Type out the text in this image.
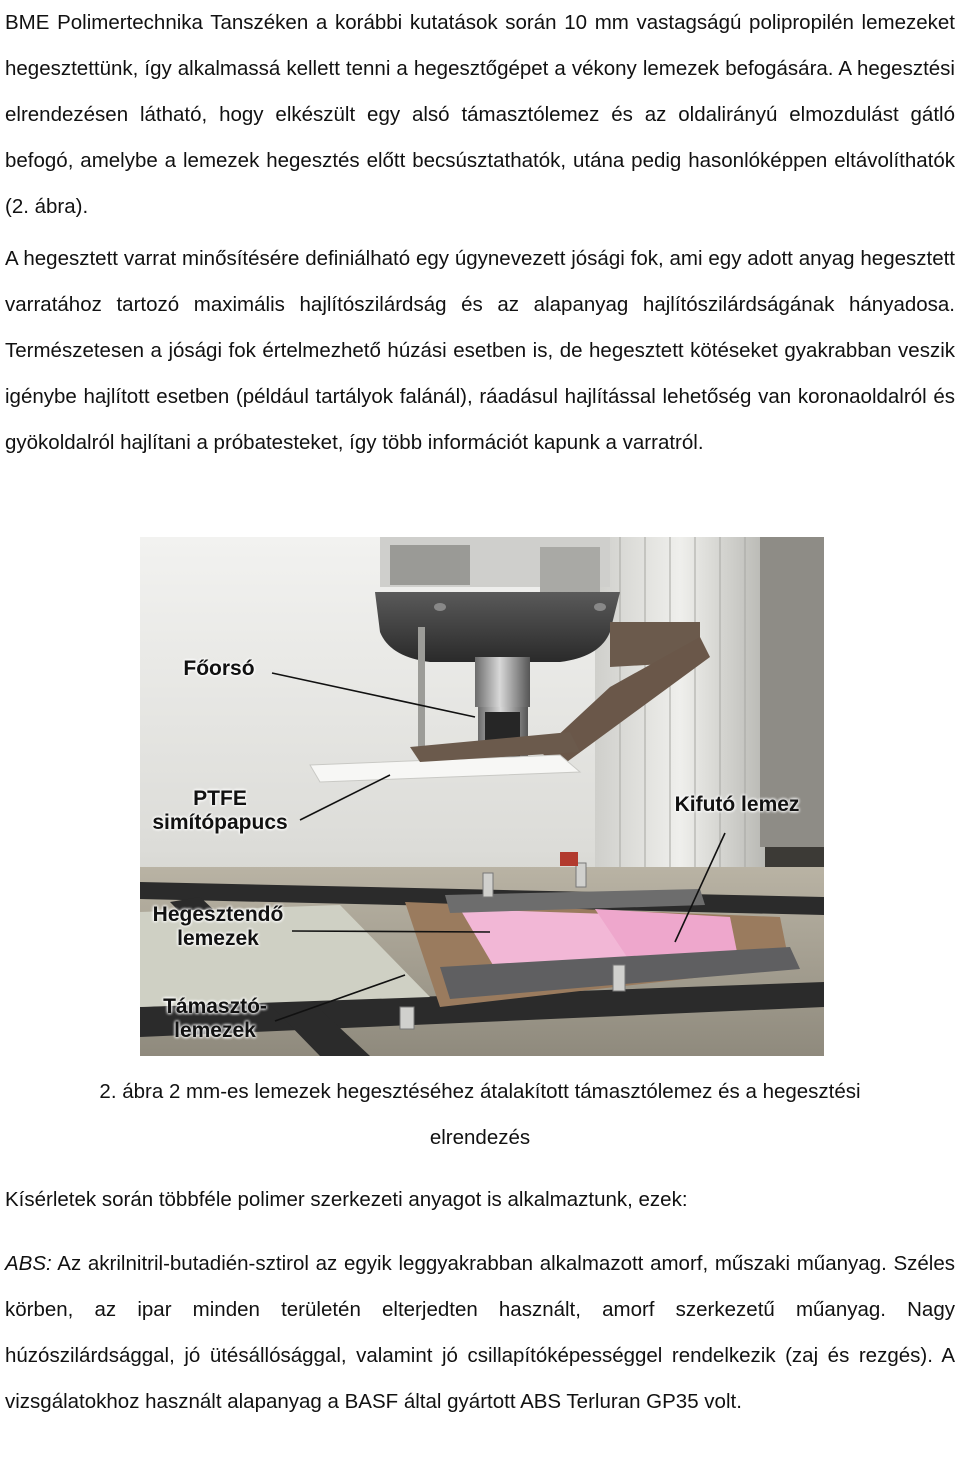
BME Polimertechnika Tanszéken a korábbi kutatások során 10 mm vastagságú polipropilén lemezeket hegesztettünk, így alkalmassá kellett tenni a hegesztőgépet a vékony lemezek befogására. A hegesztési elrendezésen látható, hogy elkészült egy alsó támasztólemez és az oldalirányú elmozdulást gátló befogó, amelybe a lemezek hegesztés előtt becsúsztathatók, utána pedig hasonlóképpen eltávolíthatók (2. ábra).

A hegesztett varrat minősítésére definiálható egy úgynevezett jósági fok, ami egy adott anyag hegesztett varratához tartozó maximális hajlítószilárdság és az alapanyag hajlítószilárdságának hányadosa. Természetesen a jósági fok értelmezhető húzási esetben is, de hegesztett kötéseket gyakrabban veszik igénybe hajlított esetben (például tartályok falánál), ráadásul hajlítással lehetőség van koronaoldalról és gyökoldalról hajlítani a próbatesteket, így több információt kapunk a varratról.

Főorsó
PTFE
simítópapucs
Kifutó lemez
Hegesztendő
lemezek
Támasztó-
lemezek

2. ábra 2 mm-es lemezek hegesztéséhez átalakított támasztólemez és a hegesztési

elrendezés

Kísérletek során többféle polimer szerkezeti anyagot is alkalmaztunk, ezek:

ABS: Az akrilnitril-butadién-sztirol az egyik leggyakrabban alkalmazott amorf, műszaki műanyag. Széles körben, az ipar minden területén elterjedten használt, amorf szerkezetű műanyag. Nagy húzószilárdsággal, jó ütésállósággal, valamint jó csillapítóképességgel rendelkezik (zaj és rezgés). A vizsgálatokhoz használt alapanyag a BASF által gyártott ABS Terluran GP35 volt.
